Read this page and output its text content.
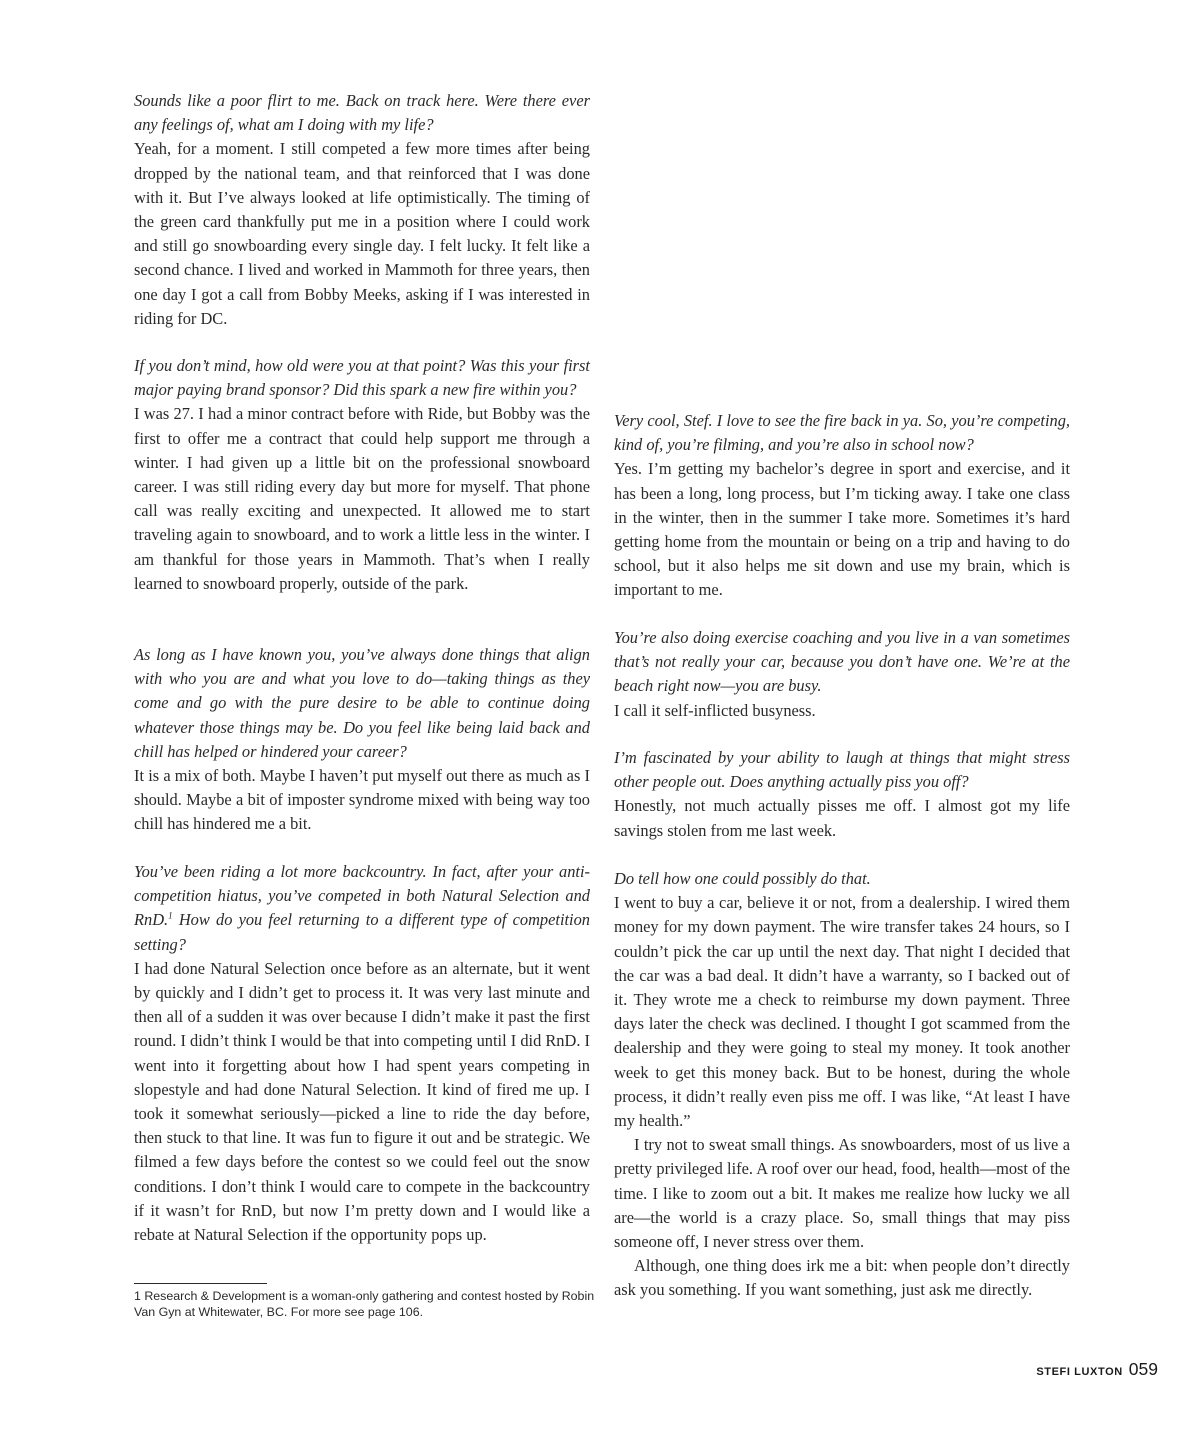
Sounds like a poor flirt to me. Back on track here. Were there ever any feelings of, what am I doing with my life?

Yeah, for a moment. I still competed a few more times after being dropped by the national team, and that reinforced that I was done with it. But I’ve always looked at life optimistically. The timing of the green card thankfully put me in a position where I could work and still go snowboarding every single day. I felt lucky. It felt like a second chance. I lived and worked in Mammoth for three years, then one day I got a call from Bobby Meeks, asking if I was interested in riding for DC.

If you don’t mind, how old were you at that point? Was this your first major paying brand sponsor? Did this spark a new fire within you?

I was 27. I had a minor contract before with Ride, but Bobby was the first to offer me a contract that could help support me through a winter. I had given up a little bit on the professional snowboard career. I was still riding every day but more for myself. That phone call was really exciting and unexpected. It allowed me to start traveling again to snowboard, and to work a little less in the winter. I am thankful for those years in Mammoth. That’s when I really learned to snowboard properly, outside of the park.

As long as I have known you, you’ve always done things that align with who you are and what you love to do—taking things as they come and go with the pure desire to be able to continue doing whatever those things may be. Do you feel like being laid back and chill has helped or hindered your career?

It is a mix of both. Maybe I haven’t put myself out there as much as I should. Maybe a bit of imposter syndrome mixed with being way too chill has hindered me a bit.

You’ve been riding a lot more backcountry. In fact, after your anti-competition hiatus, you’ve competed in both Natural Selection and RnD.$^1$ How do you feel returning to a different type of competition setting?

I had done Natural Selection once before as an alternate, but it went by quickly and I didn’t get to process it. It was very last minute and then all of a sudden it was over because I didn’t make it past the first round. I didn’t think I would be that into competing until I did RnD. I went into it forgetting about how I had spent years competing in slopestyle and had done Natural Selection. It kind of fired me up. I took it somewhat seriously—picked a line to ride the day before, then stuck to that line. It was fun to figure it out and be strategic. We filmed a few days before the contest so we could feel out the snow conditions. I don’t think I would care to compete in the backcountry if it wasn’t for RnD, but now I’m pretty down and I would like a rebate at Natural Selection if the opportunity pops up.

1 Research & Development is a woman-only gathering and contest hosted by Robin Van Gyn at Whitewater, BC. For more see page 106.

Very cool, Stef. I love to see the fire back in ya. So, you’re competing, kind of, you’re filming, and you’re also in school now?

Yes. I’m getting my bachelor’s degree in sport and exercise, and it has been a long, long process, but I’m ticking away. I take one class in the winter, then in the summer I take more. Sometimes it’s hard getting home from the mountain or being on a trip and having to do school, but it also helps me sit down and use my brain, which is important to me.

You’re also doing exercise coaching and you live in a van sometimes that’s not really your car, because you don’t have one. We’re at the beach right now—you are busy.

I call it self-inflicted busyness.

I’m fascinated by your ability to laugh at things that might stress other people out. Does anything actually piss you off?

Honestly, not much actually pisses me off. I almost got my life savings stolen from me last week.

Do tell how one could possibly do that.

I went to buy a car, believe it or not, from a dealership. I wired them money for my down payment. The wire transfer takes 24 hours, so I couldn’t pick the car up until the next day. That night I decided that the car was a bad deal. It didn’t have a warranty, so I backed out of it. They wrote me a check to reimburse my down payment. Three days later the check was declined. I thought I got scammed from the dealership and they were going to steal my money. It took another week to get this money back. But to be honest, during the whole process, it didn’t really even piss me off. I was like, “At least I have my health.”

I try not to sweat small things. As snowboarders, most of us live a pretty privileged life. A roof over our head, food, health—most of the time. I like to zoom out a bit. It makes me realize how lucky we all are—the world is a crazy place. So, small things that may piss someone off, I never stress over them.

Although, one thing does irk me a bit: when people don’t directly ask you something. If you want something, just ask me directly.

STEFI LUXTON 059
